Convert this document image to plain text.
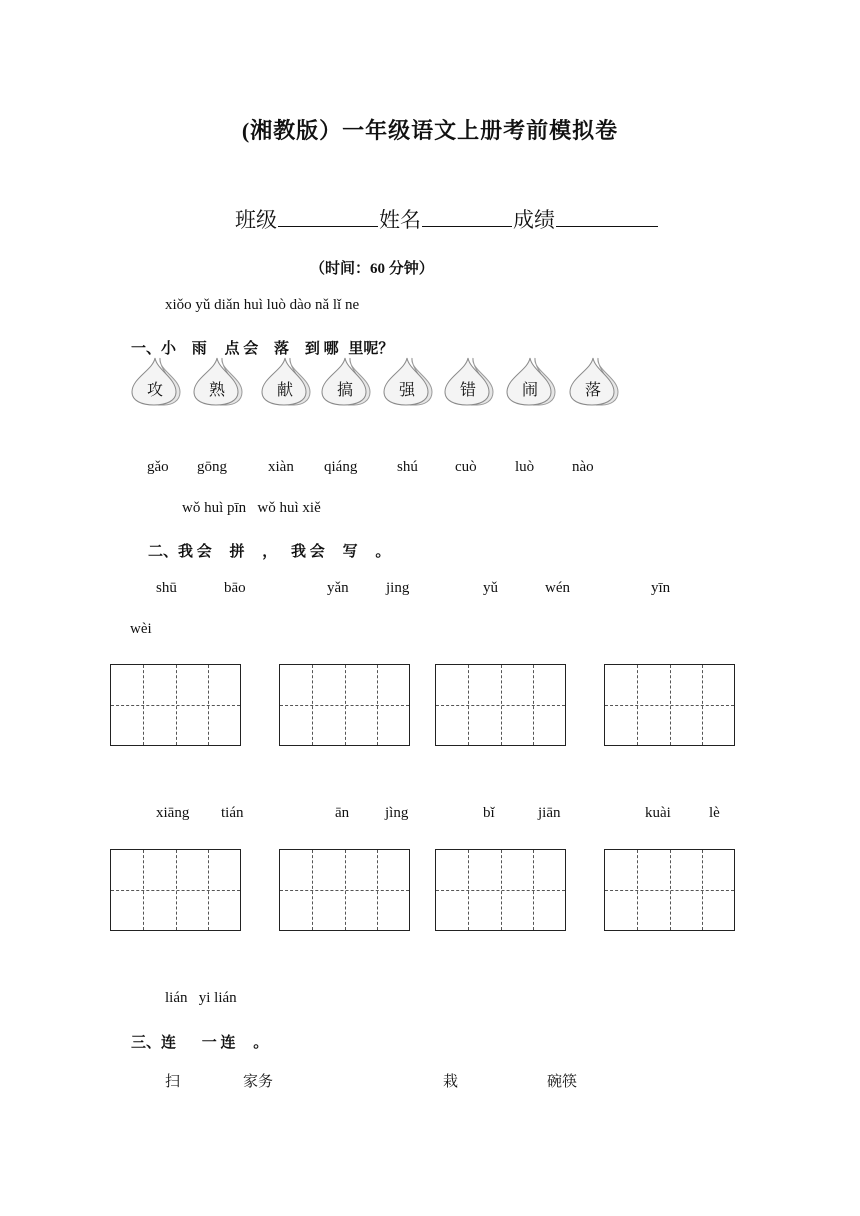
(湘教版）一年级语文上册考前模拟卷
班级	姓名	成绩
（时间：60 分钟）
xiǒo yǔ diǎn huì luò dào nǎ lǐ ne
一、小 雨 点 会 落 到 哪 里呢？
攻	熟	献	搞	强	错	闹	落
gǎo gōng	xiàn qiáng	shú cuò	luò	nào
wǒ huì pīn   wǒ huì xiě
二、我 会 拼 ， 我 会 写 。
shū	bāo	yǎn jing	yǔ	wén	yīn
wèi
xiāng tián	ān jìng	bǐ	jiān	kuài	lè
lián   yi lián
三、连 一 连 。
扫	家务	栽	碗筷
